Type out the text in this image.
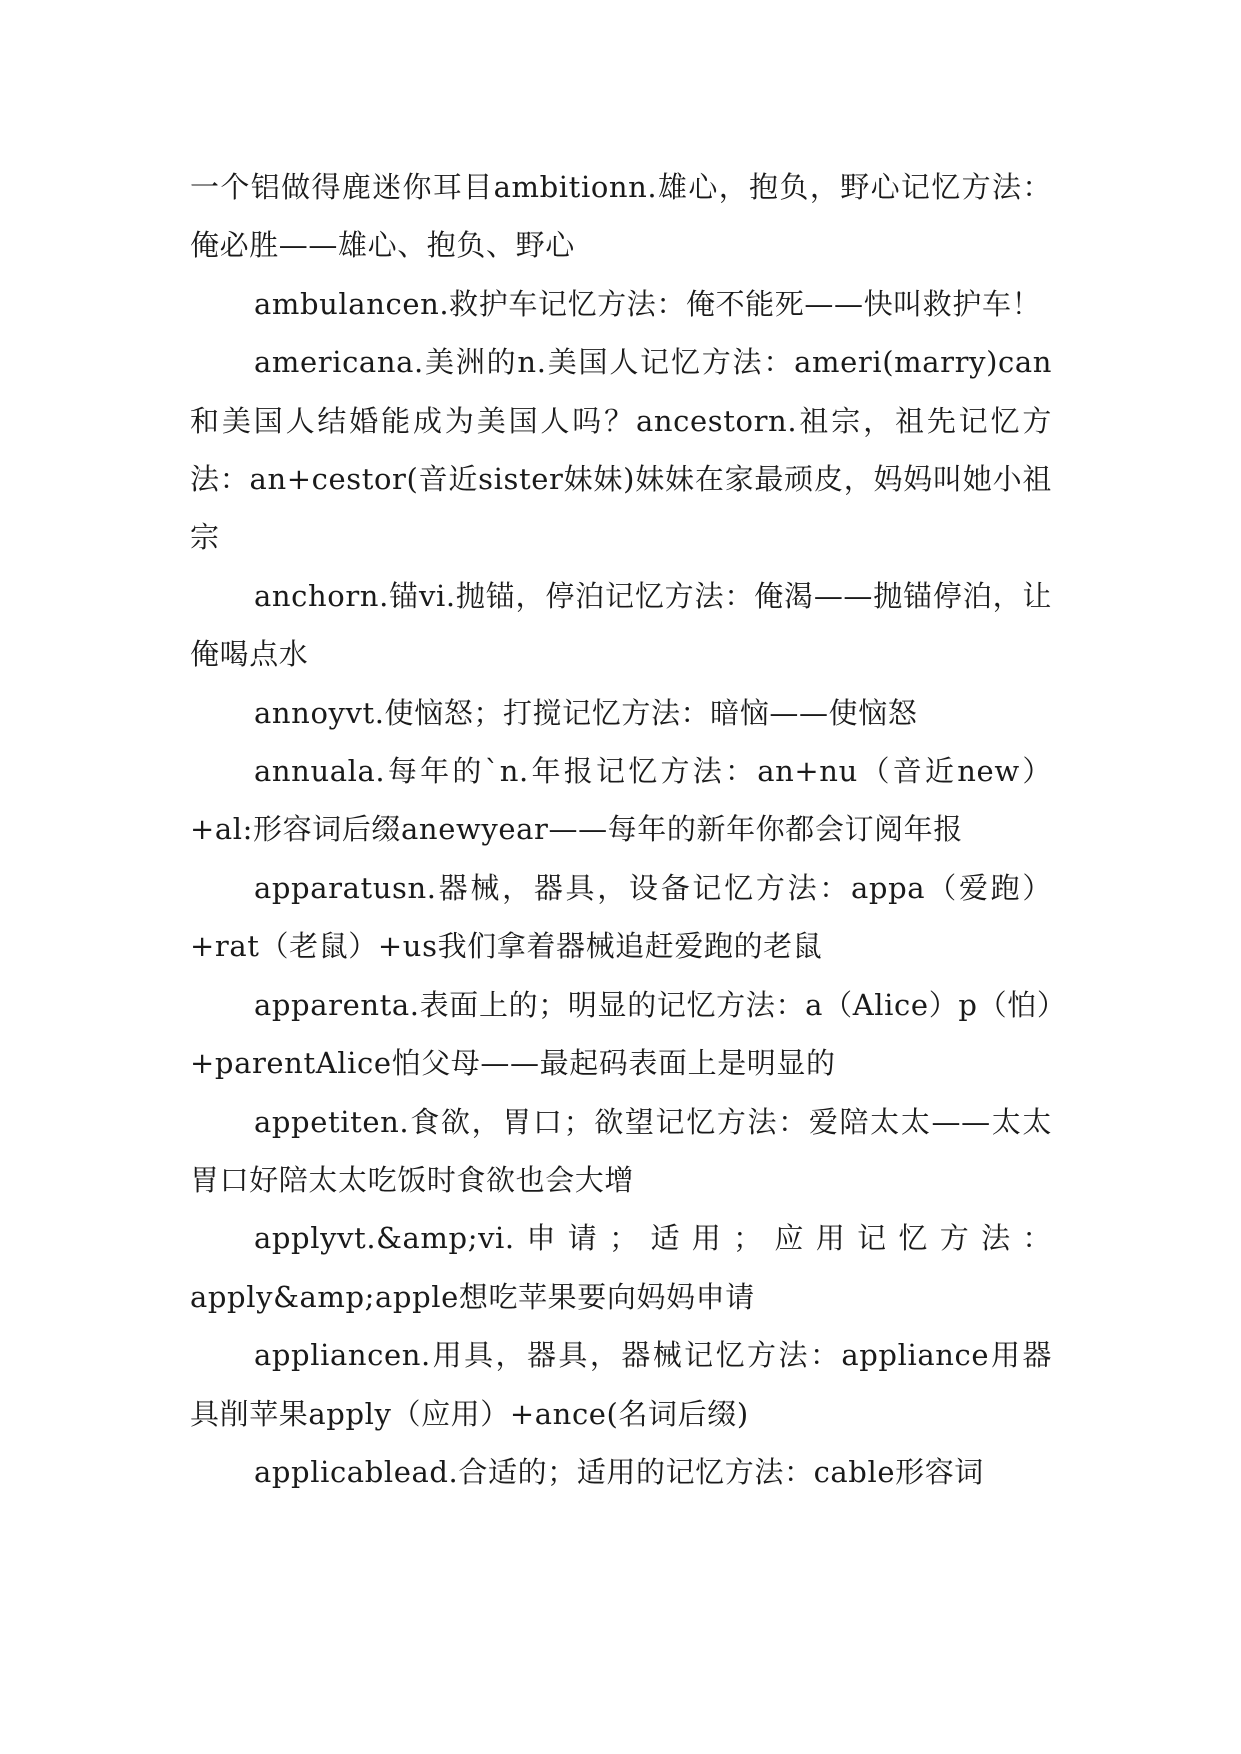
一个铝做得鹿迷你耳目ambitionn.雄心，抱负，野心记忆方法：俺必胜——雄心、抱负、野心

ambulancen.救护车记忆方法：俺不能死——快叫救护车！

americana.美洲的n.美国人记忆方法：ameri(marry)can和美国人结婚能成为美国人吗？ancestorn.祖宗，祖先记忆方法：an+cestor(音近sister妹妹)妹妹在家最顽皮，妈妈叫她小祖宗

anchorn.锚vi.抛锚，停泊记忆方法：俺渴——抛锚停泊，让俺喝点水

annoyvt.使恼怒；打搅记忆方法：暗恼——使恼怒

annuala.每年的`n.年报记忆方法：an+nu（音近new）+al:形容词后缀anewyear——每年的新年你都会订阅年报

apparatusn.器械，器具，设备记忆方法：appa（爱跑）+rat（老鼠）+us我们拿着器械追赶爱跑的老鼠

apparenta.表面上的；明显的记忆方法：a（Alice）p（怕）+parentAlice怕父母——最起码表面上是明显的

appetiten.食欲，胃口；欲望记忆方法：爱陪太太——太太胃口好陪太太吃饭时食欲也会大增

applyvt.&amp;vi.申请；适用；应用记忆方法：apply&amp;apple想吃苹果要向妈妈申请

appliancen.用具，器具，器械记忆方法：appliance用器具削苹果apply（应用）+ance(名词后缀)

applicablead.合适的；适用的记忆方法：cable形容词
